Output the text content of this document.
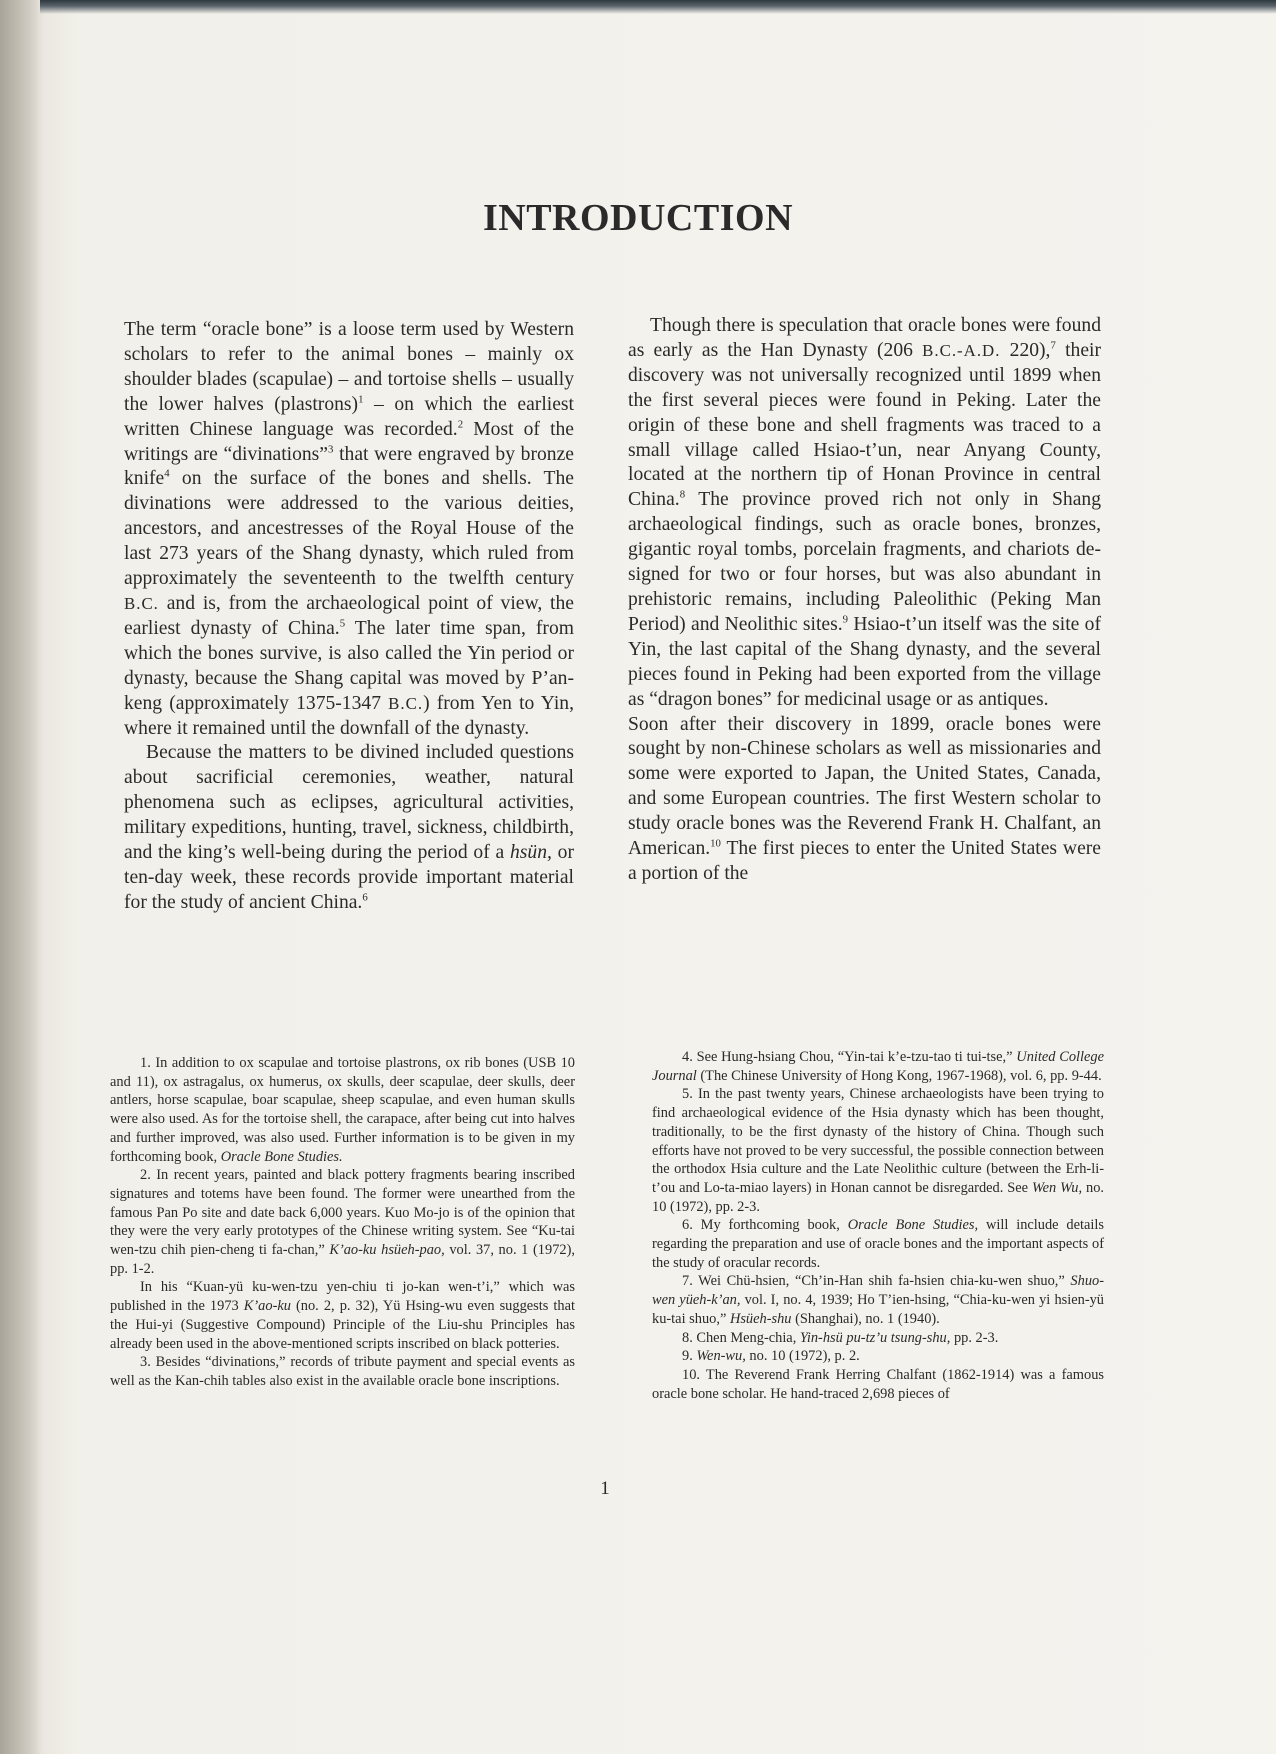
INTRODUCTION

The term “oracle bone” is a loose term used by Western scholars to refer to the animal bones – mainly ox shoulder blades (scapulae) – and tortoise shells – usually the lower halves (plastrons)$^1$ – on which the earliest written Chinese language was recorded.$^2$ Most of the writings are “divinations”$^3$ that were engraved by bronze knife$^4$ on the surface of the bones and shells. The divinations were addressed to the various deities, ancestors, and ancestresses of the Royal House of the last 273 years of the Shang dynasty, which ruled from approximately the seventeenth to the twelfth century B.C. and is, from the archaeological point of view, the earliest dynasty of China.$^5$ The later time span, from which the bones survive, is also called the Yin period or dynasty, because the Shang capital was moved by P’an-keng (approximately 1375-1347 B.C.) from Yen to Yin, where it remained until the downfall of the dynasty.

Because the matters to be divined included questions about sacrificial ceremonies, weather, natural phenomena such as eclipses, agricultural activities, military expeditions, hunting, travel, sickness, childbirth, and the king’s well-being during the period of a hsün, or ten-day week, these records provide important material for the study of ancient China.$^6$

Though there is speculation that oracle bones were found as early as the Han Dynasty (206 B.C.-A.D. 220),$^7$ their discovery was not universally recognized until 1899 when the first several pieces were found in Peking. Later the origin of these bone and shell fragments was traced to a small village called Hsiao-t’un, near Anyang County, located at the northern tip of Honan Province in central China.$^8$ The province proved rich not only in Shang archaeological findings, such as oracle bones, bronzes, gigantic royal tombs, porcelain fragments, and chariots designed for two or four horses, but was also abundant in prehistoric remains, including Paleolithic (Peking Man Period) and Neolithic sites.$^9$ Hsiao-t’un itself was the site of Yin, the last capital of the Shang dynasty, and the several pieces found in Peking had been exported from the village as “dragon bones” for medicinal usage or as antiques.

Soon after their discovery in 1899, oracle bones were sought by non-Chinese scholars as well as missionaries and some were exported to Japan, the United States, Canada, and some European countries. The first Western scholar to study oracle bones was the Reverend Frank H. Chalfant, an American.$^{10}$ The first pieces to enter the United States were a portion of the

1. In addition to ox scapulae and tortoise plastrons, ox rib bones (USB 10 and 11), ox astragalus, ox humerus, ox skulls, deer scapulae, deer skulls, deer antlers, horse scapulae, boar scapulae, sheep scapulae, and even human skulls were also used. As for the tortoise shell, the carapace, after being cut into halves and further improved, was also used. Further information is to be given in my forthcoming book, Oracle Bone Studies.

2. In recent years, painted and black pottery fragments bearing inscribed signatures and totems have been found. The former were unearthed from the famous Pan Po site and date back 6,000 years. Kuo Mo-jo is of the opinion that they were the very early prototypes of the Chinese writing system. See “Ku-tai wen-tzu chih pien-cheng ti fa-chan,” K’ao-ku hsüeh-pao, vol. 37, no. 1 (1972), pp. 1-2.

In his “Kuan-yü ku-wen-tzu yen-chiu ti jo-kan wen-t’i,” which was published in the 1973 K’ao-ku (no. 2, p. 32), Yü Hsing-wu even suggests that the Hui-yi (Suggestive Compound) Principle of the Liu-shu Principles has already been used in the above-mentioned scripts inscribed on black potteries.

3. Besides “divinations,” records of tribute payment and special events as well as the Kan-chih tables also exist in the available oracle bone inscriptions.

4. See Hung-hsiang Chou, “Yin-tai k’e-tzu-tao ti tui-tse,” United College Journal (The Chinese University of Hong Kong, 1967-1968), vol. 6, pp. 9-44.

5. In the past twenty years, Chinese archaeologists have been trying to find archaeological evidence of the Hsia dynasty which has been thought, traditionally, to be the first dynasty of the history of China. Though such efforts have not proved to be very successful, the possible connection between the orthodox Hsia culture and the Late Neolithic culture (between the Erh-li-t’ou and Lo-ta-miao layers) in Honan cannot be disregarded. See Wen Wu, no. 10 (1972), pp. 2-3.

6. My forthcoming book, Oracle Bone Studies, will include details regarding the preparation and use of oracle bones and the important aspects of the study of oracular records.

7. Wei Chü-hsien, “Ch’in-Han shih fa-hsien chia-ku-wen shuo,” Shuo-wen yüeh-k’an, vol. I, no. 4, 1939; Ho T’ien-hsing, “Chia-ku-wen yi hsien-yü ku-tai shuo,” Hsüeh-shu (Shanghai), no. 1 (1940).

8. Chen Meng-chia, Yin-hsü pu-tz’u tsung-shu, pp. 2-3.

9. Wen-wu, no. 10 (1972), p. 2.

10. The Reverend Frank Herring Chalfant (1862-1914) was a famous oracle bone scholar. He hand-traced 2,698 pieces of

1
